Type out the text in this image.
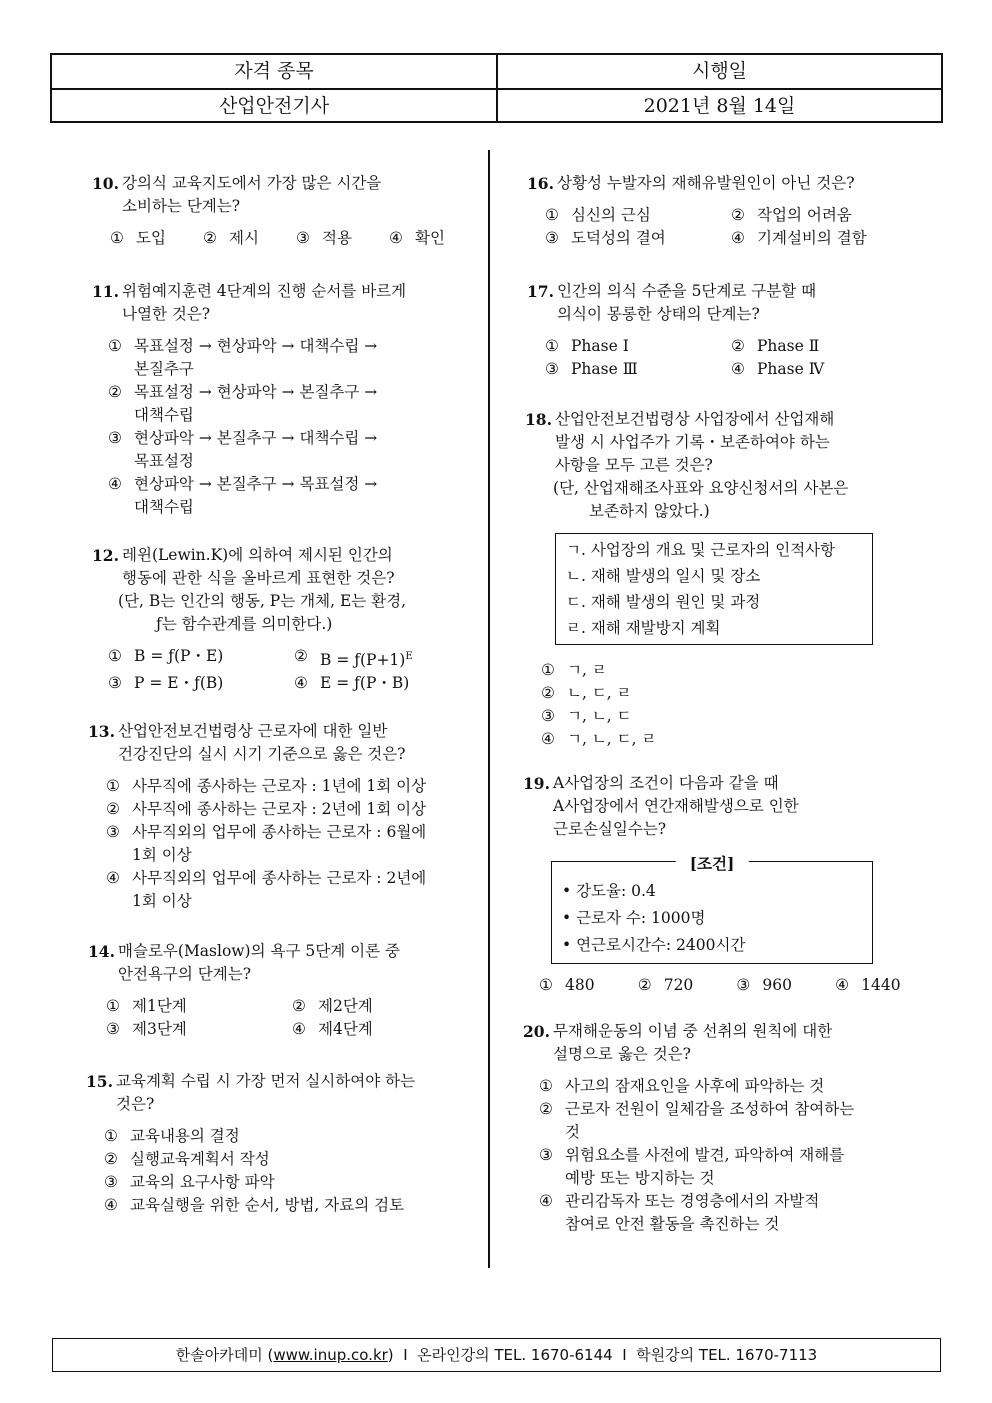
자격 종목	시행일
산업안전기사	2021년 8월 14일
10. 강의식 교육지도에서 가장 많은 시간을
소비하는 단계는?
① 도입	② 제시	③ 적용	④ 확인
11. 위험예지훈련 4단계의 진행 순서를 바르게
나열한 것은?
① 목표설정 → 현상파악 → 대책수립 →
본질추구
② 목표설정 → 현상파악 → 본질추구 →
대책수립
③ 현상파악 → 본질추구 → 대책수립 →
목표설정
④ 현상파악 → 본질추구 → 목표설정 →
대책수립
12. 레윈(Lewin.K)에 의하여 제시된 인간의
행동에 관한 식을 올바르게 표현한 것은?
(단, B는 인간의 행동, P는 개체, E는 환경,
ƒ는 함수관계를 의미한다.)
① B = ƒ(P・E)	② $B = ƒ(P+1)^E$
③ P = E・ƒ(B)	④ E = ƒ(P・B)
13. 산업안전보건법령상 근로자에 대한 일반
건강진단의 실시 시기 기준으로 옳은 것은?
① 사무직에 종사하는 근로자 : 1년에 1회 이상
② 사무직에 종사하는 근로자 : 2년에 1회 이상
③ 사무직외의 업무에 종사하는 근로자 : 6월에
1회 이상
④ 사무직외의 업무에 종사하는 근로자 : 2년에
1회 이상
14. 매슬로우(Maslow)의 욕구 5단계 이론 중
안전욕구의 단계는?
① 제1단계	② 제2단계
③ 제3단계	④ 제4단계
15. 교육계획 수립 시 가장 먼저 실시하여야 하는
것은?
① 교육내용의 결정
② 실행교육계획서 작성
③ 교육의 요구사항 파악
④ 교육실행을 위한 순서, 방법, 자료의 검토
16. 상황성 누발자의 재해유발원인이 아닌 것은?
① 심신의 근심	② 작업의 어려움
③ 도덕성의 결여	④ 기계설비의 결함
17. 인간의 의식 수준을 5단계로 구분할 때
의식이 몽롱한 상태의 단계는?
① Phase Ⅰ	② Phase Ⅱ
③ Phase Ⅲ	④ Phase Ⅳ
18. 산업안전보건법령상 사업장에서 산업재해
발생 시 사업주가 기록・보존하여야 하는
사항을 모두 고른 것은?
(단, 산업재해조사표와 요양신청서의 사본은
보존하지 않았다.)
ㄱ. 사업장의 개요 및 근로자의 인적사항
ㄴ. 재해 발생의 일시 및 장소
ㄷ. 재해 발생의 원인 및 과정
ㄹ. 재해 재발방지 계획
① ㄱ, ㄹ
② ㄴ, ㄷ, ㄹ
③ ㄱ, ㄴ, ㄷ
④ ㄱ, ㄴ, ㄷ, ㄹ
19. A사업장의 조건이 다음과 같을 때
A사업장에서 연간재해발생으로 인한
근로손실일수는?
[조건]
• 강도율: 0.4
• 근로자 수: 1000명
• 연근로시간수: 2400시간
① 480	② 720	③ 960	④ 1440
20. 무재해운동의 이념 중 선취의 원칙에 대한
설명으로 옳은 것은?
① 사고의 잠재요인을 사후에 파악하는 것
② 근로자 전원이 일체감을 조성하여 참여하는
것
③ 위험요소를 사전에 발견, 파악하여 재해를
예방 또는 방지하는 것
④ 관리감독자 또는 경영층에서의 자발적
참여로 안전 활동을 촉진하는 것
한솔아카데미 (www.inup.co.kr)  I  온라인강의 TEL. 1670-6144  I  학원강의 TEL. 1670-7113
